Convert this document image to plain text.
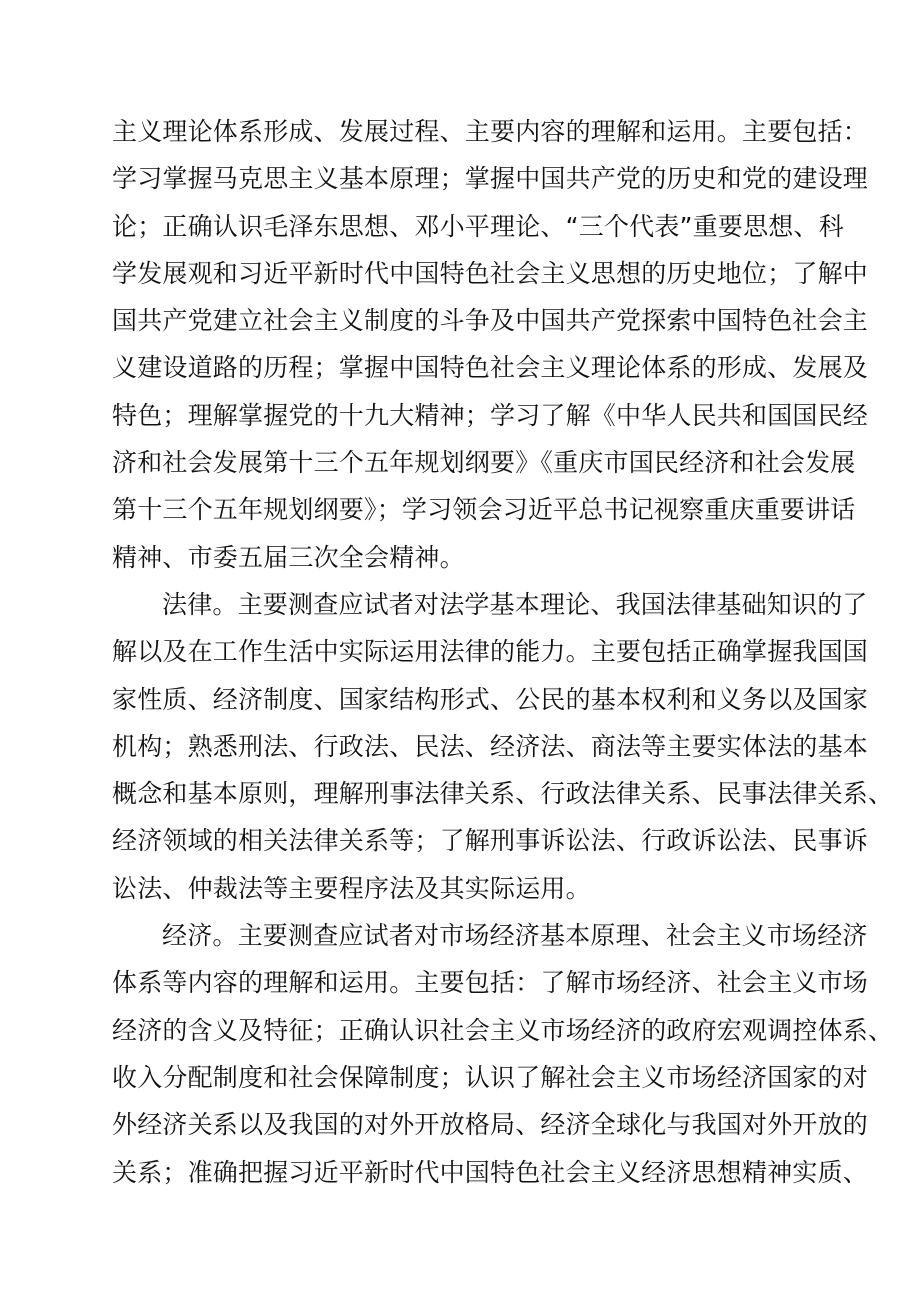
主义理论体系形成、发展过程、主要内容的理解和运用。主要包括：
学习掌握马克思主义基本原理；掌握中国共产党的历史和党的建设理
论；正确认识毛泽东思想、邓小平理论、“三个代表”重要思想、科
学发展观和习近平新时代中国特色社会主义思想的历史地位；了解中
国共产党建立社会主义制度的斗争及中国共产党探索中国特色社会主
义建设道路的历程；掌握中国特色社会主义理论体系的形成、发展及
特色；理解掌握党的十九大精神；学习了解《中华人民共和国国民经
济和社会发展第十三个五年规划纲要》《重庆市国民经济和社会发展
第十三个五年规划纲要》；学习领会习近平总书记视察重庆重要讲话
精神、市委五届三次全会精神。
法律。主要测查应试者对法学基本理论、我国法律基础知识的了
解以及在工作生活中实际运用法律的能力。主要包括正确掌握我国国
家性质、经济制度、国家结构形式、公民的基本权利和义务以及国家
机构；熟悉刑法、行政法、民法、经济法、商法等主要实体法的基本
概念和基本原则，理解刑事法律关系、行政法律关系、民事法律关系、
经济领域的相关法律关系等；了解刑事诉讼法、行政诉讼法、民事诉
讼法、仲裁法等主要程序法及其实际运用。
经济。主要测查应试者对市场经济基本原理、社会主义市场经济
体系等内容的理解和运用。主要包括：了解市场经济、社会主义市场
经济的含义及特征；正确认识社会主义市场经济的政府宏观调控体系、
收入分配制度和社会保障制度；认识了解社会主义市场经济国家的对
外经济关系以及我国的对外开放格局、经济全球化与我国对外开放的
关系；准确把握习近平新时代中国特色社会主义经济思想精神实质、
